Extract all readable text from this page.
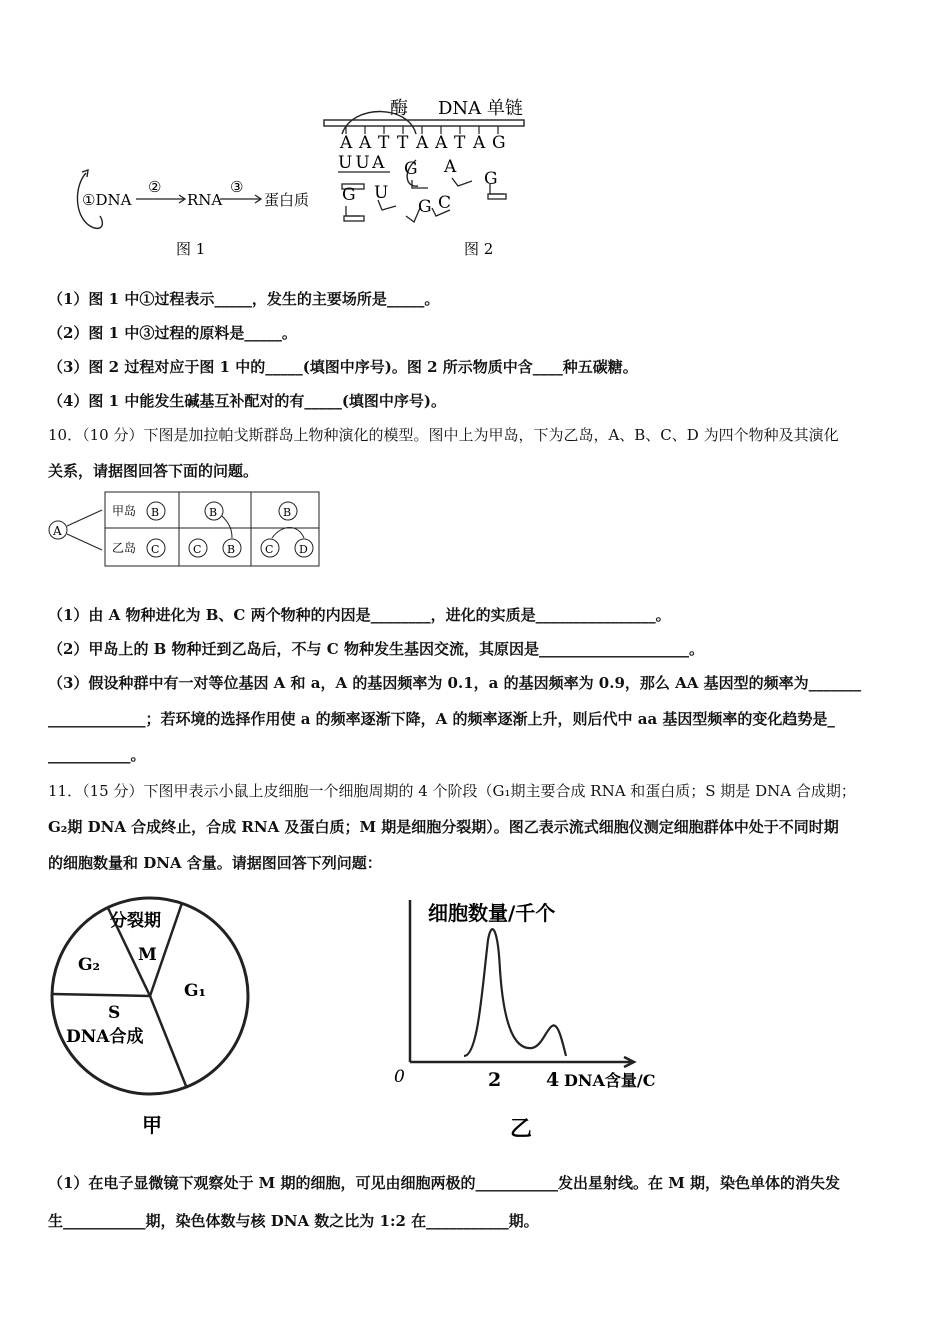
①DNA
②
RNA
③
蛋白质
图 1
酶 DNA 单链
A A T T A A T A G
UUA G A
G
G U
G C
图 2
（1）图 1 中①过程表示_____，发生的主要场所是_____。
（2）图 1 中③过程的原料是_____。
（3）图 2 过程对应于图 1 中的_____(填图中序号)。图 2 所示物质中含____种五碳糖。
（4）图 1 中能发生碱基互补配对的有_____(填图中序号)。
10．（10 分）下图是加拉帕戈斯群岛上物种演化的模型。图中上为甲岛，下为乙岛，A、B、C、D 为四个物种及其演化
关系，请据图回答下面的问题。
A
甲岛
乙岛
B
C
B
C B
B
C D
（1）由 A 物种进化为 B、C 两个物种的内因是________，进化的实质是________________。
（2）甲岛上的 B 物种迁到乙岛后，不与 C 物种发生基因交流，其原因是____________________。
（3）假设种群中有一对等位基因 A 和 a，A 的基因频率为 0.1，a 的基因频率为 0.9，那么 AA 基因型的频率为_______
_____________；若环境的选择作用使 a 的频率逐渐下降，A 的频率逐渐上升，则后代中 aa 基因型频率的变化趋势是_
___________。
11．（15 分）下图甲表示小鼠上皮细胞一个细胞周期的 4 个阶段（G₁期主要合成 RNA 和蛋白质；S 期是 DNA 合成期；
G₂期 DNA 合成终止，合成 RNA 及蛋白质；M 期是细胞分裂期）。图乙表示流式细胞仪测定细胞群体中处于不同时期
的细胞数量和 DNA 含量。请据图回答下列问题：
分裂期
M
G₂
G₁
S
DNA合成
甲
细胞数量/千个
0	2 4 DNA含量/C
乙
（1）在电子显微镜下观察处于 M 期的细胞，可见由细胞两极的___________发出星射线。在 M 期，染色单体的消失发
生___________期，染色体数与核 DNA 数之比为 1:2 在___________期。
